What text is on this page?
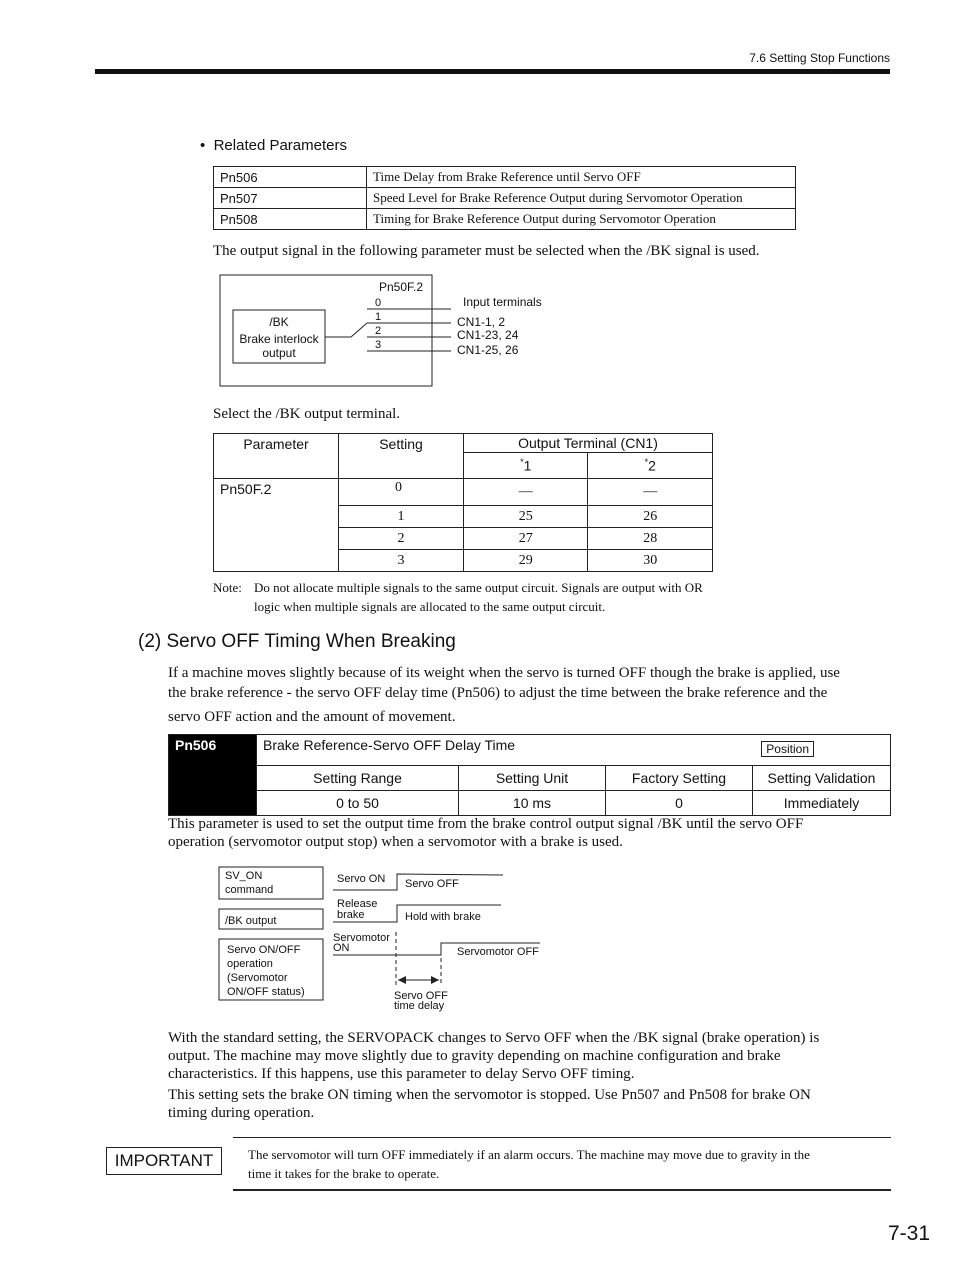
7.6 Setting Stop Functions
•  Related Parameters
Pn506	Time Delay from Brake Reference until Servo OFF
Pn507	Speed Level for Brake Reference Output during Servomotor Operation
Pn508	Timing for Brake Reference Output during Servomotor Operation
The output signal in the following parameter must be selected when the /BK signal is used.
/BK
Brake interlock
output
Pn50F.2
0
1
2
3
Input terminals
CN1-1, 2
CN1-23, 24
CN1-25, 26
Select the /BK output terminal.
Parameter	Setting	Output Terminal (CN1)	
		*1	*2
Pn50F.2	0	—	—
	1	25	26
	2	27	28
	3	29	30
Note: Do not allocate multiple signals to the same output circuit. Signals are output with OR
logic when multiple signals are allocated to the same output circuit.
(2) Servo OFF Timing When Breaking
If a machine moves slightly because of its weight when the servo is turned OFF though the brake is applied, use
the brake reference - the servo OFF delay time (Pn506) to adjust the time between the brake reference and the
servo OFF action and the amount of movement.
Pn506	Brake Reference-Servo OFF Delay Time Position			

	Setting Range	Setting Unit	Factory Setting	Setting Validation
	0 to 50	10 ms	0	Immediately
This parameter is used to set the output time from the brake control output signal /BK until the servo OFF
operation (servomotor output stop) when a servomotor with a brake is used.
SV_ON
command
/BK output
Servo ON/OFF
operation
(Servomotor
ON/OFF status)
Servo ON Servo OFF
Release
brake	Hold with brake
Servomotor
ON	Servomotor OFF
Servo OFF
time delay
With the standard setting, the SERVOPACK changes to Servo OFF when the /BK signal (brake operation) is
output. The machine may move slightly due to gravity depending on machine configuration and brake
characteristics. If this happens, use this parameter to delay Servo OFF timing.
This setting sets the brake ON timing when the servomotor is stopped. Use Pn507 and Pn508 for brake ON
timing during operation.
IMPORTANT	The servomotor will turn OFF immediately if an alarm occurs. The machine may move due to gravity in the
time it takes for the brake to operate.
7-31
